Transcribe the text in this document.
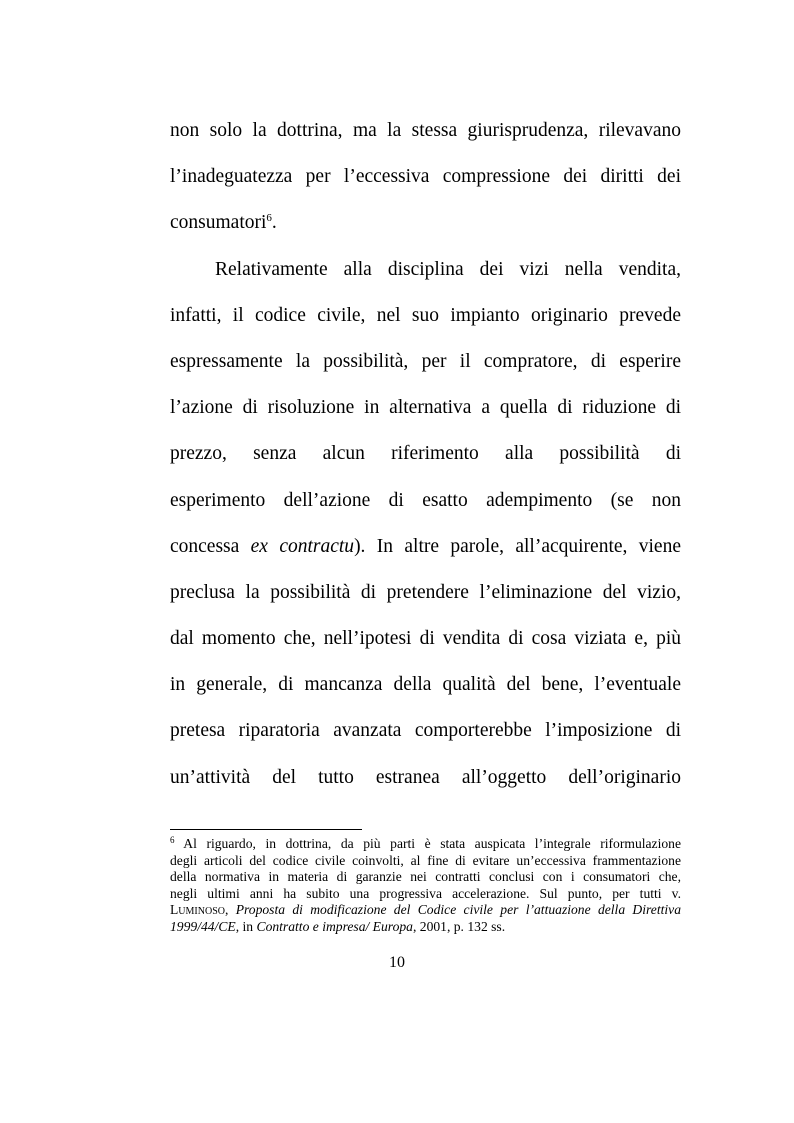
non solo la dottrina, ma la stessa giurisprudenza, rilevavano
l’inadeguatezza per l’eccessiva compressione dei diritti dei
consumatori$^6$.
Relativamente alla disciplina dei vizi nella vendita,
infatti, il codice civile, nel suo impianto originario prevede
espressamente la possibilità, per il compratore, di esperire
l’azione di risoluzione in alternativa a quella di riduzione di
prezzo, senza alcun riferimento alla possibilità di
esperimento dell’azione di esatto adempimento (se non
concessa ex contractu). In altre parole, all’acquirente, viene
preclusa la possibilità di pretendere l’eliminazione del vizio,
dal momento che, nell’ipotesi di vendita di cosa viziata e, più
in generale, di mancanza della qualità del bene, l’eventuale
pretesa riparatoria avanzata comporterebbe l’imposizione di
un’attività del tutto estranea all’oggetto dell’originario
$^6$ Al riguardo, in dottrina, da più parti è stata auspicata l’integrale riformulazione
degli articoli del codice civile coinvolti, al fine di evitare un’eccessiva frammentazione
della normativa in materia di garanzie nei contratti conclusi con i consumatori che,
negli ultimi anni ha subito una progressiva accelerazione. Sul punto, per tutti v.
Luminoso, Proposta di modificazione del Codice civile per l’attuazione della Direttiva
1999/44/CE, in Contratto e impresa/ Europa, 2001, p. 132 ss.
10
